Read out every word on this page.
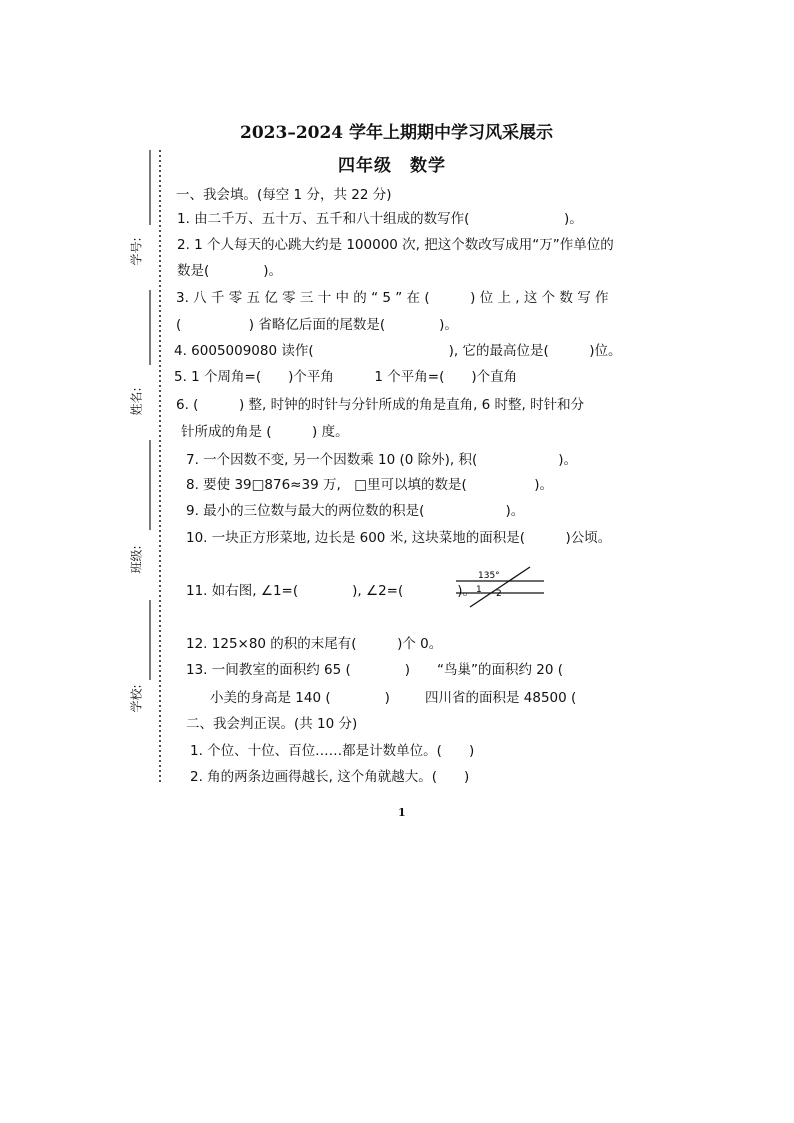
学号:
姓名:
班级:
学校:
2023–2024 学年上期期中学习风采展示
四年级　数学
一、我会填。(每空 1 分，共 22 分)
1. 由二千万、五十万、五千和八十组成的数写作(　　　　　　　)。
2. 1 个人每天的心跳大约是 100000 次, 把这个数改写成用“万”作单位的
数是(　　　　)。
3. 八 千 零 五 亿 零 三 十 中 的 “ 5 ” 在 (　　　) 位 上 , 这 个 数 写 作
(　　　　　) 省略亿后面的尾数是(　　　　)。
4. 6005009080 读作(　　　　　　　　　　), 它的最高位是(　　　)位。
5. 1 个周角=(　　)个平角　　　1 个平角=(　　)个直角
6. (　　　) 整, 时钟的时针与分针所成的角是直角, 6 时整, 时针和分
针所成的角是 (　　　) 度。
7. 一个因数不变, 另一个因数乘 10 (0 除外), 积(　　　　　　)。
8. 要使 39□876≈39 万,　□里可以填的数是(　　　　　)。
9. 最小的三位数与最大的两位数的积是(　　　　　　)。
10. 一块正方形菜地, 边长是 600 米, 这块菜地的面积是(　　　)公顷。
11. 如右图, ∠1=(　　　　), ∠2=(　　　　)。
135°
1 2
12. 125×80 的积的末尾有(　　　)个 0。
13. 一间教室的面积约 65 (　　　　) “鸟巢”的面积约 20 (
小美的身高是 140 (　　　　)	四川省的面积是 48500 (
二、我会判正误。(共 10 分)
1. 个位、十位、百位……都是计数单位。(　　)
2. 角的两条边画得越长, 这个角就越大。(　　)
1
